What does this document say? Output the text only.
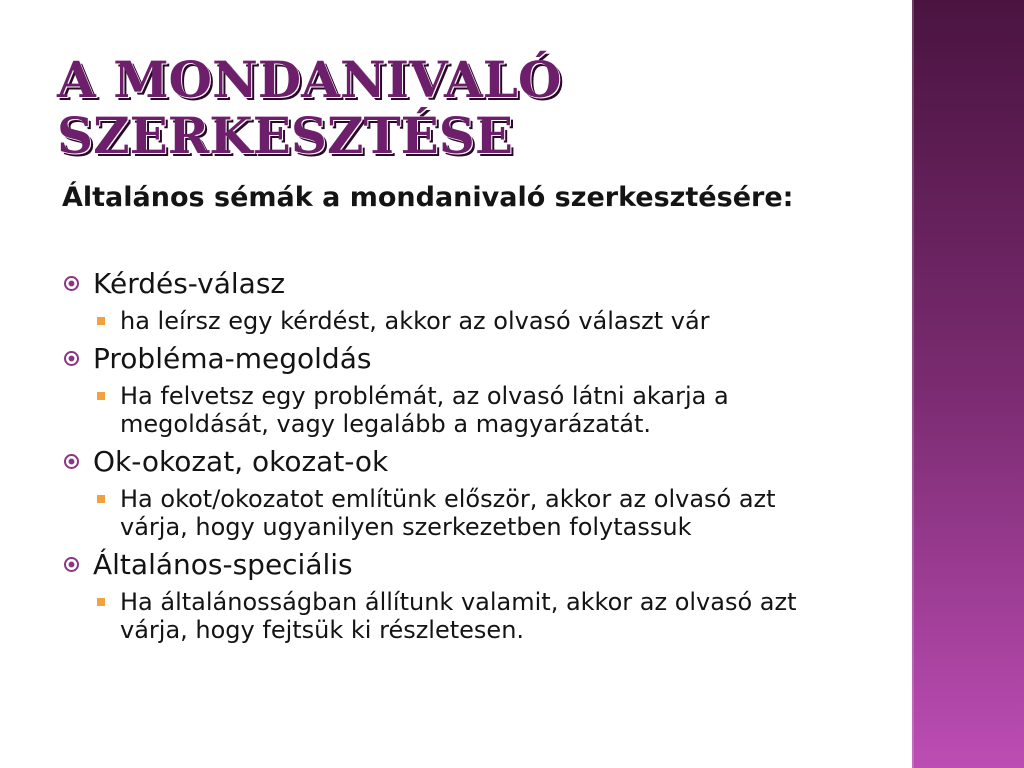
A MONDANIVALÓ SZERKESZTÉSE

Általános sémák a mondanivaló szerkesztésére:

Kérdés-válasz
ha leírsz egy kérdést, akkor az olvasó választ vár
Probléma-megoldás
Ha felvetsz egy problémát, az olvasó látni akarja a megoldását, vagy legalább a magyarázatát.
Ok-okozat, okozat-ok
Ha okot/okozatot említünk először, akkor az olvasó azt várja, hogy ugyanilyen szerkezetben folytassuk
Általános-speciális
Ha általánosságban állítunk valamit, akkor az olvasó azt várja, hogy fejtsük ki részletesen.
